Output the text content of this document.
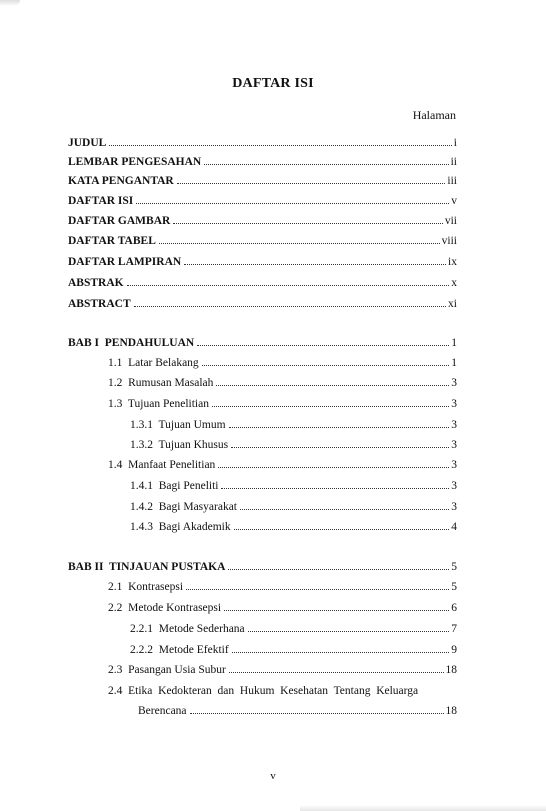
DAFTAR ISI
Halaman
JUDUL	i
LEMBAR PENGESAHAN	ii
KATA PENGANTAR	iii
DAFTAR ISI	v
DAFTAR GAMBAR	vii
DAFTAR TABEL	viii
DAFTAR LAMPIRAN	ix
ABSTRAK	x
ABSTRACT	xi
BAB I  PENDAHULUAN	1
1.1  Latar Belakang	1
1.2  Rumusan Masalah	3
1.3  Tujuan Penelitian	3
1.3.1  Tujuan Umum	3
1.3.2  Tujuan Khusus	3
1.4  Manfaat Penelitian	3
1.4.1  Bagi Peneliti	3
1.4.2  Bagi Masyarakat	3
1.4.3  Bagi Akademik	4
BAB II  TINJAUAN PUSTAKA	5
2.1  Kontrasepsi	5
2.2  Metode Kontrasepsi	6
2.2.1  Metode Sederhana	7
2.2.2  Metode Efektif	9
2.3  Pasangan Usia Subur	18
2.4  Etika  Kedokteran  dan  Hukum  Kesehatan  Tentang  Keluarga
Berencana	18
v
